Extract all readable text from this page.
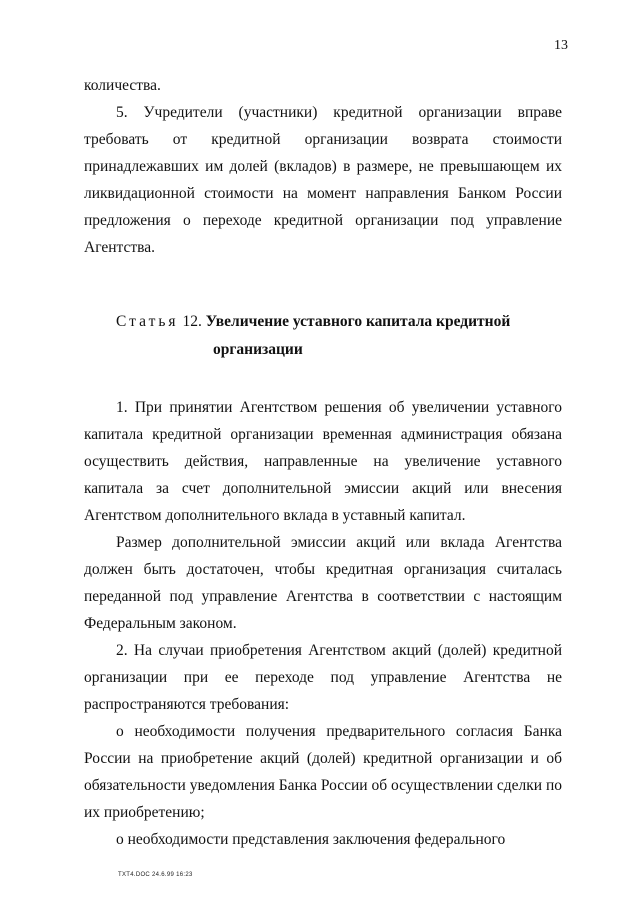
13

количества.

5. Учредители (участники) кредитной организации вправе требовать от кредитной организации возврата стоимости принадлежавших им долей (вкладов) в размере, не превышающем их ликвидационной стоимости на момент направления Банком России предложения о переходе кредитной организации под управление Агентства.

Статья 12. Увеличение уставного капитала кредитной
организации

1. При принятии Агентством решения об увеличении уставного капитала кредитной организации временная администрация обязана осуществить действия, направленные на увеличение уставного капитала за счет дополнительной эмиссии акций или внесения Агентством дополнительного вклада в уставный капитал.

Размер дополнительной эмиссии акций или вклада Агентства должен быть достаточен, чтобы кредитная организация считалась переданной под управление Агентства в соответствии с настоящим Федеральным законом.

2. На случаи приобретения Агентством акций (долей) кредитной организации при ее переходе под управление Агентства не распространяются требования:

о необходимости получения предварительного согласия Банка России на приобретение акций (долей) кредитной организации и об обязательности уведомления Банка России об осуществлении сделки по их приобретению;

о необходимости представления заключения федерального

TXT4.DOC 24.6.99 16:23
